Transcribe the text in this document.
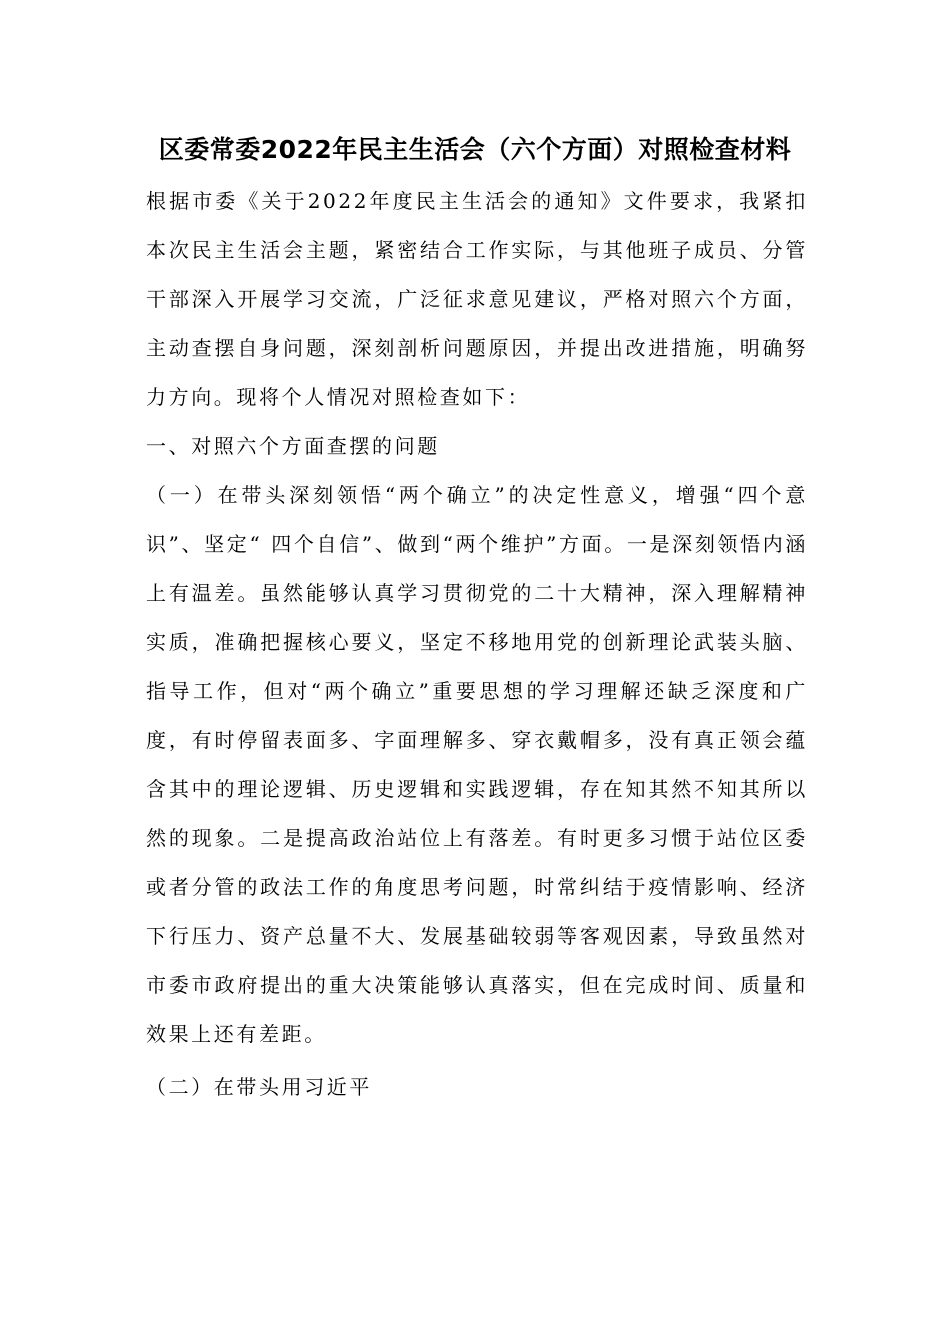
区委常委2022年民主生活会（六个方面）对照检查材料

根据市委《关于2022年度民主生活会的通知》文件要求，我紧扣本次民主生活会主题，紧密结合工作实际，与其他班子成员、分管干部深入开展学习交流，广泛征求意见建议，严格对照六个方面，主动查摆自身问题，深刻剖析问题原因，并提出改进措施，明确努力方向。现将个人情况对照检查如下：

一、对照六个方面查摆的问题

（一）在带头深刻领悟“两个确立”的决定性意义，增强“四个意识”、坚定“ 四个自信”、做到“两个维护”方面。一是深刻领悟内涵上有温差。虽然能够认真学习贯彻党的二十大精神，深入理解精神实质，准确把握核心要义，坚定不移地用党的创新理论武装头脑、指导工作，但对“两个确立”重要思想的学习理解还缺乏深度和广度，有时停留表面多、字面理解多、穿衣戴帽多，没有真正领会蕴含其中的理论逻辑、历史逻辑和实践逻辑，存在知其然不知其所以然的现象。二是提高政治站位上有落差。有时更多习惯于站位区委或者分管的政法工作的角度思考问题，时常纠结于疫情影响、经济下行压力、资产总量不大、发展基础较弱等客观因素，导致虽然对市委市政府提出的重大决策能够认真落实，但在完成时间、质量和效果上还有差距。

（二）在带头用习近平
